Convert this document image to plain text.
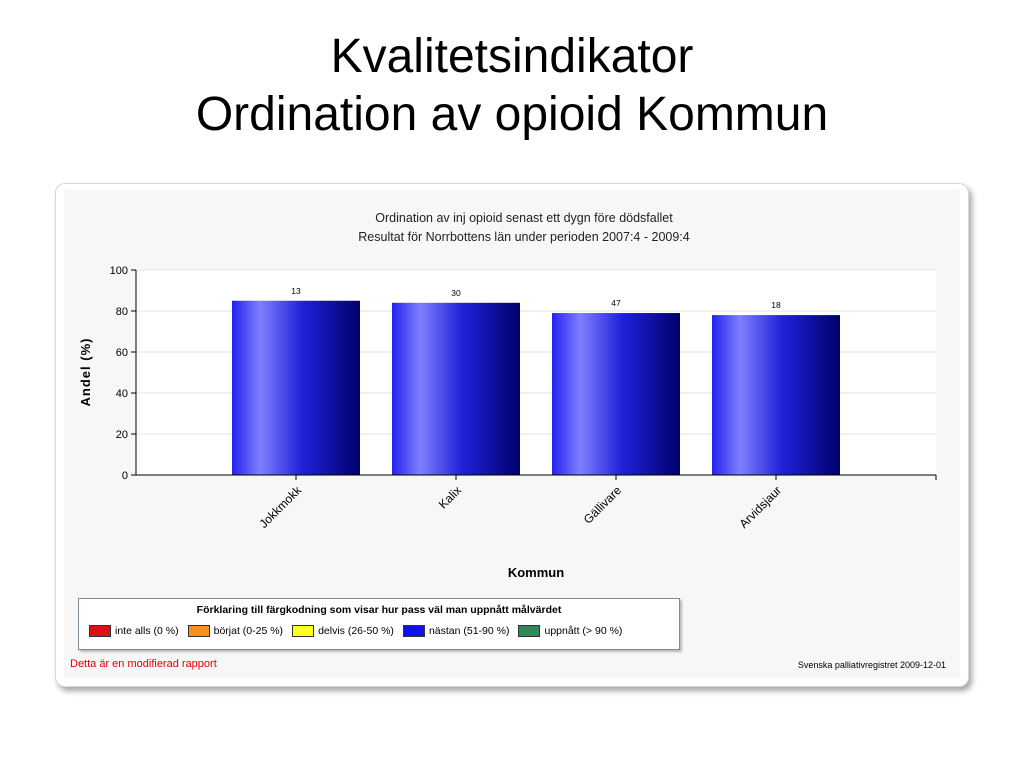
Kvalitetsindikator
Ordination av opioid Kommun
Ordination av inj opioid senast ett dygn före dödsfallet
Resultat för Norrbottens län under perioden 2007:4 - 2009:4
13	30
47	18
0
20
40
60
80
100
Jokkmokk	Kalix	Gällivare	Arvidsjaur
Andel (%)
Kommun
Förklaring till färgkodning som visar hur pass väl man uppnått målvärdet
inte alls (0 %)	börjat (0-25 %)	delvis (26-50 %)	nästan (51-90 %)	uppnått (> 90 %)
Detta är en modifierad rapport	Svenska palliativregistret 2009-12-01
